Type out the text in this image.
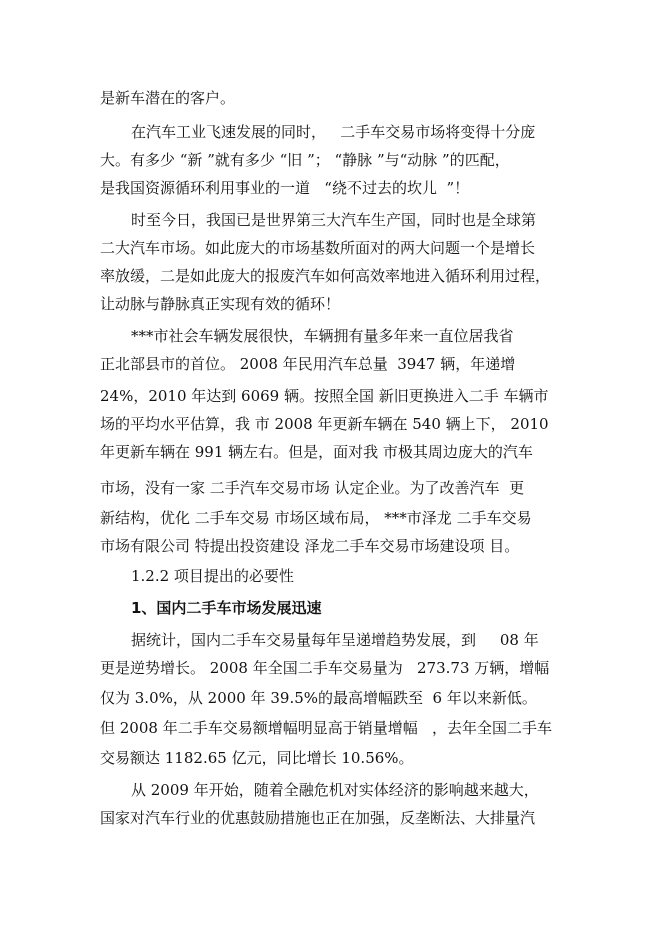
是新车潜在的客户。
在汽车工业飞速发展的同时，   二手车交易市场将变得十分庞
大。有多少 “新 ”就有多少 “旧 ”； “静脉 ”与“动脉 ”的匹配，
是我国资源循环利用事业的一道   “绕不过去的坎儿  ”！
时至今日，我国已是世界第三大汽车生产国，同时也是全球第
二大汽车市场。如此庞大的市场基数所面对的两大问题一个是增长
率放缓，二是如此庞大的报废汽车如何高效率地进入循环利用过程，
让动脉与静脉真正实现有效的循环！
***市社会车辆发展很快，车辆拥有量多年来一直位居我省
正北部县市的首位。 2008 年民用汽车总量  3947 辆，年递增
24%，2010 年达到 6069 辆。按照全国 新旧更换进入二手 车辆市
场的平均水平估算，我 市 2008 年更新车辆在 540 辆上下， 2010
年更新车辆在 991 辆左右。但是，面对我 市极其周边庞大的汽车
市场，没有一家 二手汽车交易市场 认定企业。为了改善汽车  更
新结构，优化 二手车交易 市场区域布局， ***市泽龙 二手车交易
市场有限公司 特提出投资建设 泽龙二手车交易市场建设项 目。
1.2.2 项目提出的必要性
1、国内二手车市场发展迅速
据统计，国内二手车交易量每年呈递增趋势发展，到     08 年
更是逆势增长。 2008 年全国二手车交易量为   273.73 万辆，增幅
仅为 3.0%，从 2000 年 39.5%的最高增幅跌至  6 年以来新低。
但 2008 年二手车交易额增幅明显高于销量增幅   ，去年全国二手车
交易额达 1182.65 亿元，同比增长 10.56%。
从 2009 年开始，随着全融危机对实体经济的影响越来越大，
国家对汽车行业的优惠鼓励措施也正在加强，反垄断法、大排量汽
